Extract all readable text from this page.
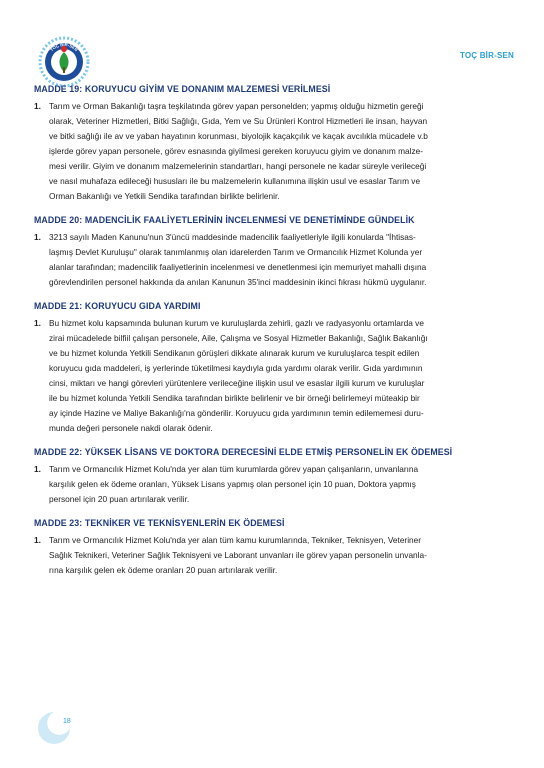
TOÇ BİR-SEN
TOÇ BİR-SEN
MADDE 19: KORUYUCU GİYİM VE DONANIM MALZEMESİ VERİLMESİ
1. Tarım ve Orman Bakanlığı taşra teşkilatında görev yapan personelden; yapmış olduğu hizmetin gereği
olarak, Veteriner Hizmetleri, Bitki Sağlığı, Gıda, Yem ve Su Ürünleri Kontrol Hizmetleri ile insan, hayvan
ve bitki sağlığı ile av ve yaban hayatının korunması, biyolojik kaçakçılık ve kaçak avcılıkla mücadele v.b
işlerde görev yapan personele, görev esnasında giyilmesi gereken koruyucu giyim ve donanım malze-
mesi verilir. Giyim ve donanım malzemelerinin standartları, hangi personele ne kadar süreyle verileceği
ve nasıl muhafaza edileceği hususları ile bu malzemelerin kullanımına ilişkin usul ve esaslar Tarım ve
Orman Bakanlığı ve Yetkili Sendika tarafından birlikte belirlenir.
MADDE 20: MADENCİLİK FAALİYETLERİNİN İNCELENMESİ VE DENETİMİNDE GÜNDELİK
1. 3213 sayılı Maden Kanunu'nun 3'üncü maddesinde madencilik faaliyetleriyle ilgili konularda "İhtisas-
laşmış Devlet Kuruluşu" olarak tanımlanmış olan idarelerden Tarım ve Ormancılık Hizmet Kolunda yer
alanlar tarafından; madencilik faaliyetlerinin incelenmesi ve denetlenmesi için memuriyet mahalli dışına
görevlendirilen personel hakkında da anılan Kanunun 35'inci maddesinin ikinci fıkrası hükmü uygulanır.
MADDE 21: KORUYUCU GIDA YARDIMI
1. Bu hizmet kolu kapsamında bulunan kurum ve kuruluşlarda zehirli, gazlı ve radyasyonlu ortamlarda ve
zirai mücadelede bilfiil çalışan personele, Aile, Çalışma ve Sosyal Hizmetler Bakanlığı, Sağlık Bakanlığı
ve bu hizmet kolunda Yetkili Sendikanın görüşleri dikkate alınarak kurum ve kuruluşlarca tespit edilen
koruyucu gıda maddeleri, iş yerlerinde tüketilmesi kaydıyla gıda yardımı olarak verilir. Gıda yardımının
cinsi, miktarı ve hangi görevleri yürütenlere verileceğine ilişkin usul ve esaslar ilgili kurum ve kuruluşlar
ile bu hizmet kolunda Yetkili Sendika tarafından birlikte belirlenir ve bir örneği belirlemeyi müteakip bir
ay içinde Hazine ve Maliye Bakanlığı'na gönderilir. Koruyucu gıda yardımının temin edilememesi duru-
munda değeri personele nakdi olarak ödenir.
MADDE 22: YÜKSEK LİSANS VE DOKTORA DERECESİNİ ELDE ETMİŞ PERSONELİN EK ÖDEMESİ
1. Tarım ve Ormancılık Hizmet Kolu'nda yer alan tüm kurumlarda görev yapan çalışanların, unvanlarına
karşılık gelen ek ödeme oranları, Yüksek Lisans yapmış olan personel için 10 puan, Doktora yapmış
personel için 20 puan artırılarak verilir.
MADDE 23: TEKNİKER VE TEKNİSYENLERİN EK ÖDEMESİ
1. Tarım ve Ormancılık Hizmet Kolu'nda yer alan tüm kamu kurumlarında, Tekniker, Teknisyen, Veteriner
Sağlık Teknikeri, Veteriner Sağlık Teknisyeni ve Laborant unvanları ile görev yapan personelin unvanla-
rına karşılık gelen ek ödeme oranları 20 puan artırılarak verilir.
18
